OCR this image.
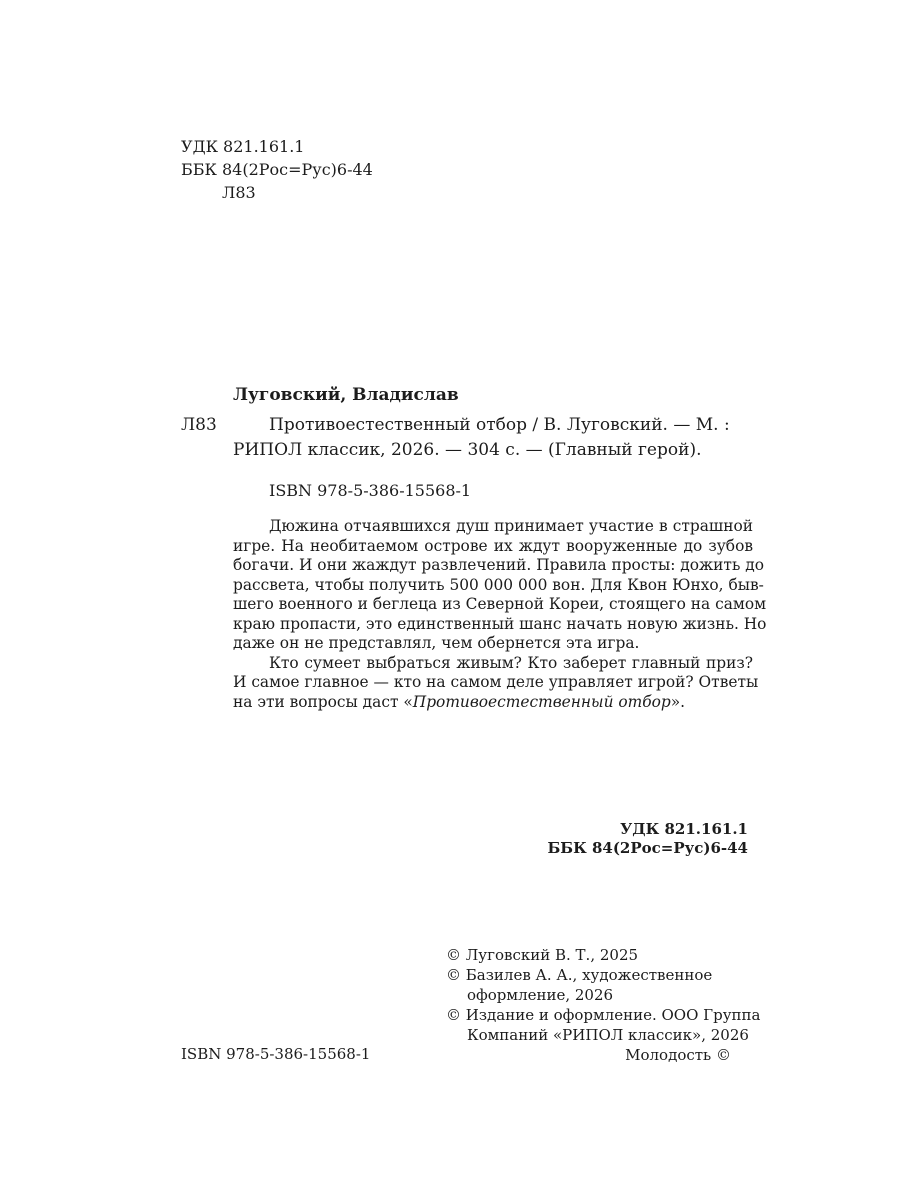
УДК 821.161.1
ББК 84(2Рос=Рус)6-44
Л83
Луговский, Владислав
Л83	Противоестественный отбор / В. Луговский. — М. :
РИПОЛ классик, 2026. — 304 с. — (Главный герой).
ISBN 978-5-386-15568-1
Дюжина отчаявшихся душ принимает участие в страшной
игре. На необитаемом острове их ждут вооруженные до зубов
богачи. И они жаждут развлечений. Правила просты: дожить до
рассвета, чтобы получить 500 000 000 вон. Для Квон Юнхо, быв-
шего военного и беглеца из Северной Кореи, стоящего на самом
краю пропасти, это единственный шанс начать новую жизнь. Но
даже он не представлял, чем обернется эта игра.
Кто сумеет выбраться живым? Кто заберет главный приз?
И самое главное — кто на самом деле управляет игрой? Ответы
на эти вопросы даст «Противоестественный отбор».
УДК 821.161.1
ББК 84(2Рос=Рус)6-44
© Луговский В. Т., 2025
© Базилев А. А., художественное
оформление, 2026
© Издание и оформление. ООО Группа
Компаний «РИПОЛ классик», 2026
Молодость ©
ISBN 978-5-386-15568-1
